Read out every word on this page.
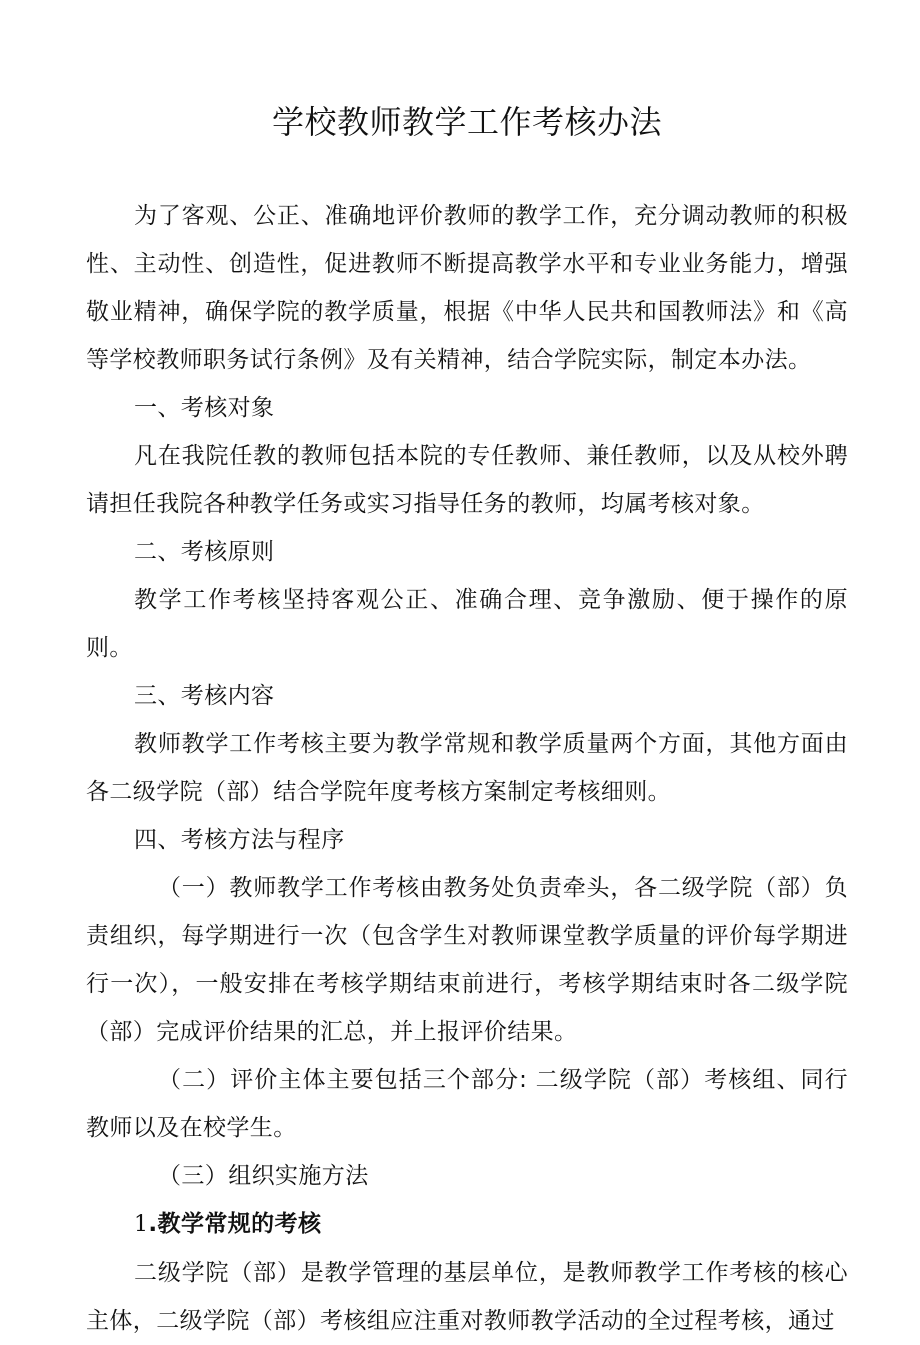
学校教师教学工作考核办法

为了客观、公正、准确地评价教师的教学工作，充分调动教师的积极性、主动性、创造性，促进教师不断提高教学水平和专业业务能力，增强敬业精神，确保学院的教学质量，根据《中华人民共和国教师法》和《高等学校教师职务试行条例》及有关精神，结合学院实际，制定本办法。

一、考核对象

凡在我院任教的教师包括本院的专任教师、兼任教师，以及从校外聘请担任我院各种教学任务或实习指导任务的教师，均属考核对象。

二、考核原则

教学工作考核坚持客观公正、准确合理、竞争激励、便于操作的原则。

三、考核内容

教师教学工作考核主要为教学常规和教学质量两个方面，其他方面由各二级学院（部）结合学院年度考核方案制定考核细则。

四、考核方法与程序

（一）教师教学工作考核由教务处负责牵头，各二级学院（部）负责组织，每学期进行一次（包含学生对教师课堂教学质量的评价每学期进行一次），一般安排在考核学期结束前进行，考核学期结束时各二级学院（部）完成评价结果的汇总，并上报评价结果。

（二）评价主体主要包括三个部分: 二级学院（部）考核组、同行教师以及在校学生。

（三）组织实施方法

1.教学常规的考核

二级学院（部）是教学管理的基层单位，是教师教学工作考核的核心主体，二级学院（部）考核组应注重对教师教学活动的全过程考核，通过
